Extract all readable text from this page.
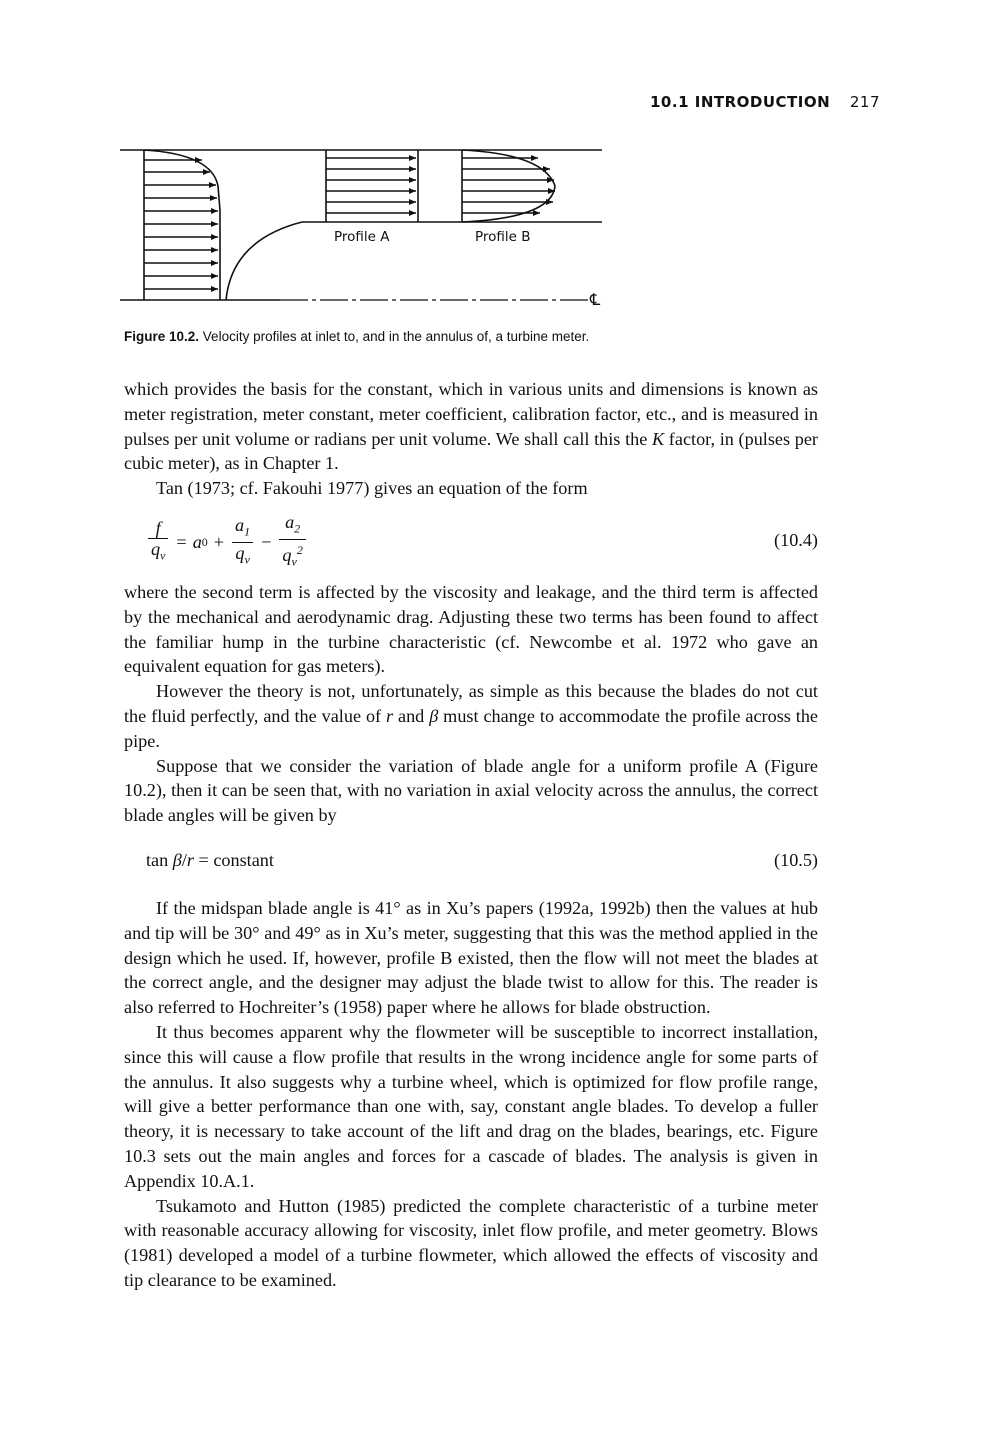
10.1 INTRODUCTION 217
Profile A	Profile B
℄
Figure 10.2. Velocity profiles at inlet to, and in the annulus of, a turbine meter.

which provides the basis for the constant, which in various units and dimensions is known as meter registration, meter constant, meter coefficient, calibration factor, etc., and is measured in pulses per unit volume or radians per unit volume. We shall call this the K factor, in (pulses per cubic meter), as in Chapter 1.

Tan (1973; cf. Fakouhi 1977) gives an equation of the form

$\frac{f}{q_v} = a$ $0 + \frac{a_1}{q_v} - \frac{a_2}{q_v^2}$	(10.4)

where the second term is affected by the viscosity and leakage, and the third term is affected by the mechanical and aerodynamic drag. Adjusting these two terms has been found to affect the familiar hump in the turbine characteristic (cf. Newcombe et al. 1972 who gave an equivalent equation for gas meters).

However the theory is not, unfortunately, as simple as this because the blades do not cut the fluid perfectly, and the value of r and β must change to accommodate the profile across the pipe.

Suppose that we consider the variation of blade angle for a uniform profile A (Figure 10.2), then it can be seen that, with no variation in axial velocity across the annulus, the correct blade angles will be given by

tan β/r = constant	(10.5)

If the midspan blade angle is 41° as in Xu’s papers (1992a, 1992b) then the values at hub and tip will be 30° and 49° as in Xu’s meter, suggesting that this was the method applied in the design which he used. If, however, profile B existed, then the flow will not meet the blades at the correct angle, and the designer may adjust the blade twist to allow for this. The reader is also referred to Hochreiter’s (1958) paper where he allows for blade obstruction.

It thus becomes apparent why the flowmeter will be susceptible to incorrect installation, since this will cause a flow profile that results in the wrong incidence angle for some parts of the annulus. It also suggests why a turbine wheel, which is optimized for flow profile range, will give a better performance than one with, say, constant angle blades. To develop a fuller theory, it is necessary to take account of the lift and drag on the blades, bearings, etc. Figure 10.3 sets out the main angles and forces for a cascade of blades. The analysis is given in Appendix 10.A.1.

Tsukamoto and Hutton (1985) predicted the complete characteristic of a turbine meter with reasonable accuracy allowing for viscosity, inlet flow profile, and meter geometry. Blows (1981) developed a model of a turbine flowmeter, which allowed the effects of viscosity and tip clearance to be examined.
